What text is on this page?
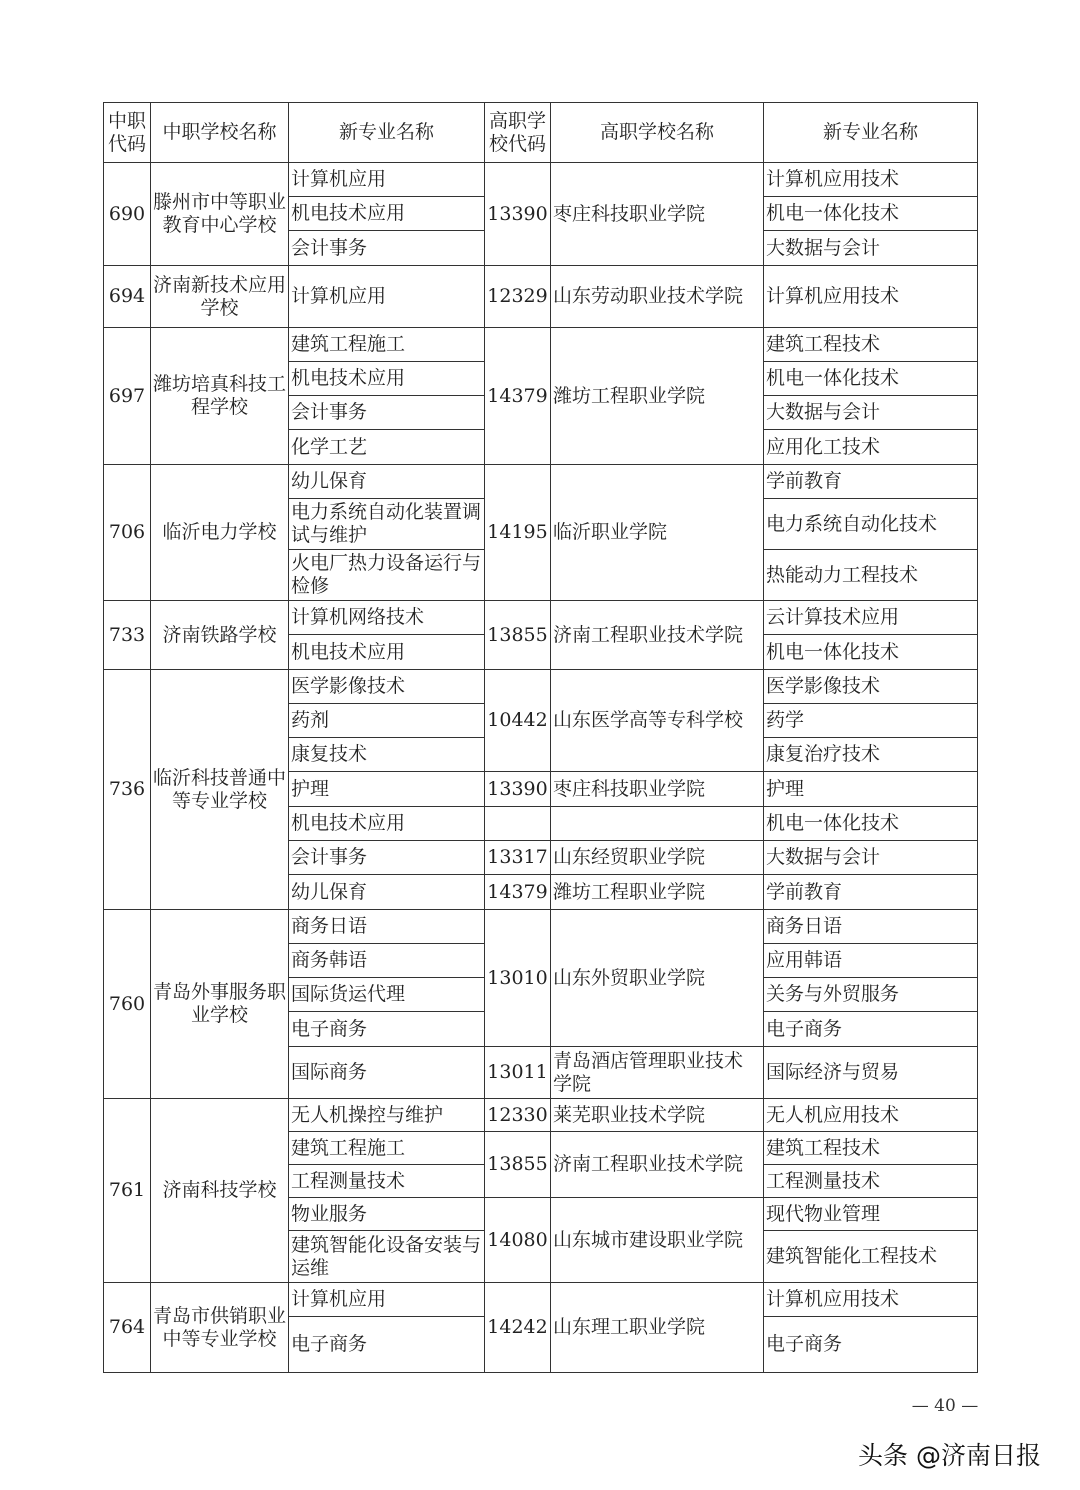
中职代码	中职学校名称	新专业名称	高职学校代码	高职学校名称	新专业名称
690	滕州市中等职业教育中心学校	计算机应用	13390	枣庄科技职业学院	计算机应用技术
		机电技术应用			机电一体化技术
		会计事务			大数据与会计
694	济南新技术应用学校	计算机应用	12329	山东劳动职业技术学院	计算机应用技术
697	潍坊培真科技工程学校	建筑工程施工	14379	潍坊工程职业学院	建筑工程技术
		机电技术应用			机电一体化技术
		会计事务			大数据与会计
		化学工艺			应用化工技术
706	临沂电力学校	幼儿保育	14195	临沂职业学院	学前教育
		电力系统自动化装置调试与维护			电力系统自动化技术
		火电厂热力设备运行与检修			热能动力工程技术
733	济南铁路学校	计算机网络技术	13855	济南工程职业技术学院	云计算技术应用
		机电技术应用			机电一体化技术
736	临沂科技普通中等专业学校	医学影像技术	10442	山东医学高等专科学校	医学影像技术
		药剂			药学
		康复技术			康复治疗技术
		护理	13390	枣庄科技职业学院	护理
		机电技术应用			机电一体化技术
		会计事务	13317	山东经贸职业学院	大数据与会计
		幼儿保育	14379	潍坊工程职业学院	学前教育
760	青岛外事服务职业学校	商务日语	13010	山东外贸职业学院	商务日语
		商务韩语			应用韩语
		国际货运代理			关务与外贸服务
		电子商务			电子商务
		国际商务	13011	青岛酒店管理职业技术学院	国际经济与贸易
761	济南科技学校	无人机操控与维护	12330	莱芜职业技术学院	无人机应用技术
		建筑工程施工	13855	济南工程职业技术学院	建筑工程技术
		工程测量技术			工程测量技术
		物业服务	14080	山东城市建设职业学院	现代物业管理
		建筑智能化设备安装与运维			建筑智能化工程技术
764	青岛市供销职业中等专业学校	计算机应用	14242	山东理工职业学院	计算机应用技术
		电子商务			电子商务
— 40 —
头条 @济南日报
